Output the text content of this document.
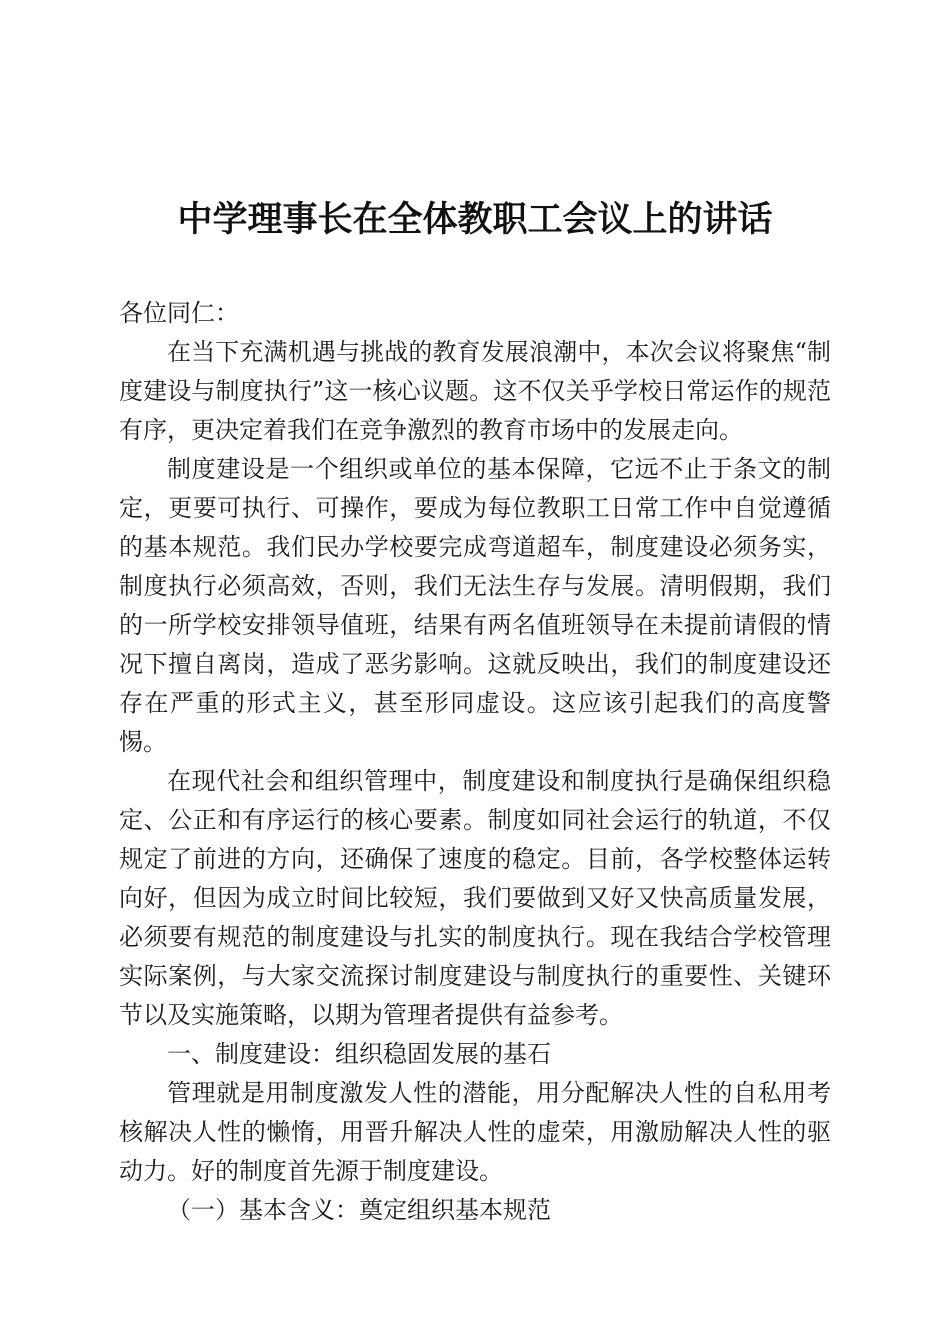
中学理事长在全体教职工会议上的讲话

各位同仁：

在当下充满机遇与挑战的教育发展浪潮中，本次会议将聚焦“制度建设与制度执行”这一核心议题。这不仅关乎学校日常运作的规范有序，更决定着我们在竞争激烈的教育市场中的发展走向。

制度建设是一个组织或单位的基本保障，它远不止于条文的制定，更要可执行、可操作，要成为每位教职工日常工作中自觉遵循的基本规范。我们民办学校要完成弯道超车，制度建设必须务实，制度执行必须高效，否则，我们无法生存与发展。清明假期，我们的一所学校安排领导值班，结果有两名值班领导在未提前请假的情况下擅自离岗，造成了恶劣影响。这就反映出，我们的制度建设还存在严重的形式主义，甚至形同虚设。这应该引起我们的高度警惕。

在现代社会和组织管理中，制度建设和制度执行是确保组织稳定、公正和有序运行的核心要素。制度如同社会运行的轨道，不仅规定了前进的方向，还确保了速度的稳定。目前，各学校整体运转向好，但因为成立时间比较短，我们要做到又好又快高质量发展，必须要有规范的制度建设与扎实的制度执行。现在我结合学校管理实际案例，与大家交流探讨制度建设与制度执行的重要性、关键环节以及实施策略，以期为管理者提供有益参考。

一、制度建设：组织稳固发展的基石

管理就是用制度激发人性的潜能，用分配解决人性的自私用考核解决人性的懒惰，用晋升解决人性的虚荣，用激励解决人性的驱动力。好的制度首先源于制度建设。

（一）基本含义：奠定组织基本规范
